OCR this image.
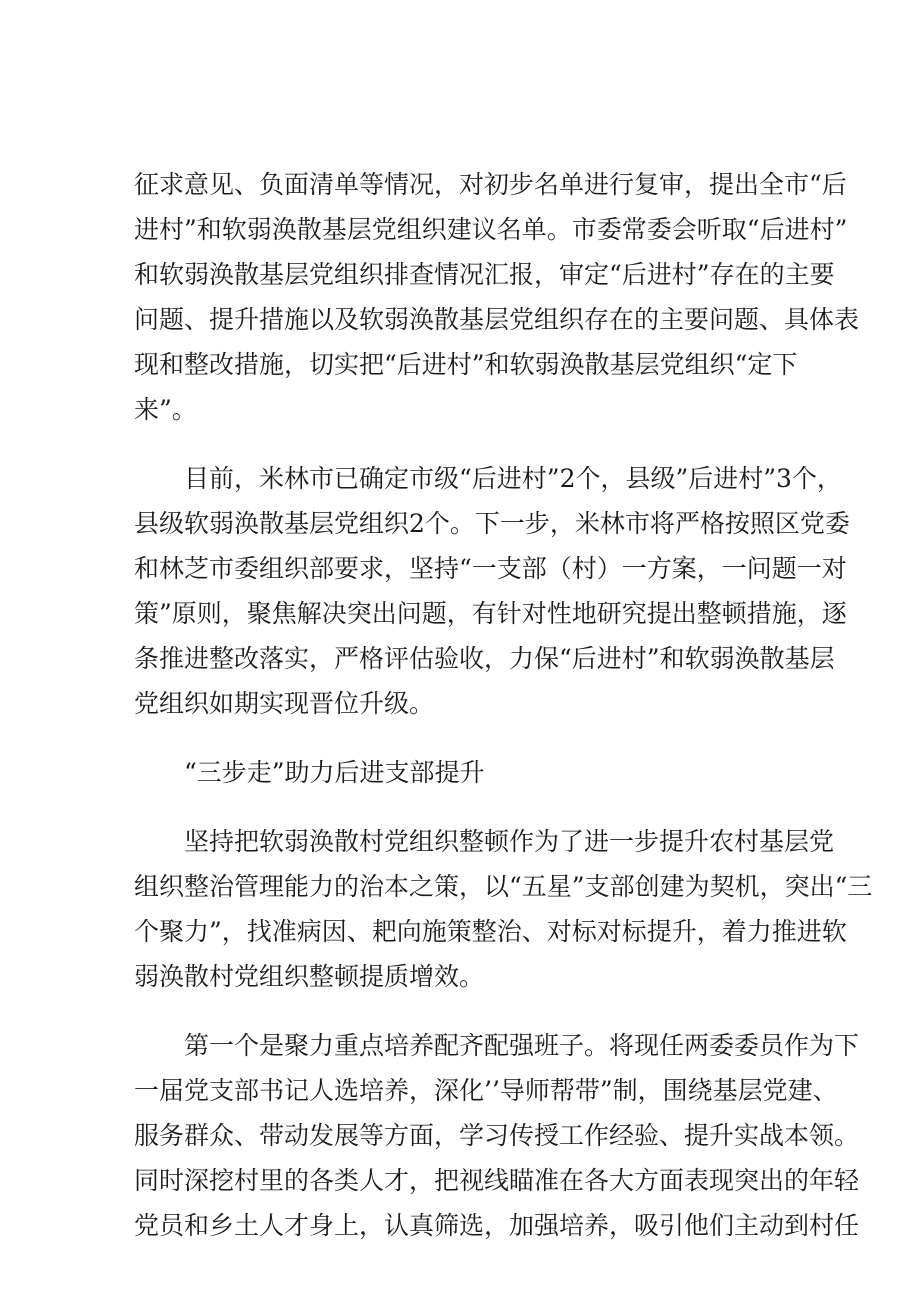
征求意见、负面清单等情况，对初步名单进行复审，提出全市“后
进村”和软弱涣散基层党组织建议名单。市委常委会听取“后进村”
和软弱涣散基层党组织排查情况汇报，审定“后进村”存在的主要
问题、提升措施以及软弱涣散基层党组织存在的主要问题、具体表
现和整改措施，切实把“后进村”和软弱涣散基层党组织“定下
来”。
　　目前，米林市已确定市级“后进村”2个，县级”后进村”3个，
县级软弱涣散基层党组织2个。下一步，米林市将严格按照区党委
和林芝市委组织部要求，坚持“一支部（村）一方案，一问题一对
策”原则，聚焦解决突出问题，有针对性地研究提出整顿措施，逐
条推进整改落实，严格评估验收，力保“后进村”和软弱涣散基层
党组织如期实现晋位升级。
　　“三步走”助力后进支部提升
　　坚持把软弱涣散村党组织整顿作为了进一步提升农村基层党
组织整治管理能力的治本之策，以“五星”支部创建为契机，突出“三
个聚力”，找准病因、耙向施策整治、对标对标提升，着力推进软
弱涣散村党组织整顿提质增效。
　　第一个是聚力重点培养配齐配强班子。将现任两委委员作为下
一届党支部书记人选培养，深化’’导师帮带”制，围绕基层党建、
服务群众、带动发展等方面，学习传授工作经验、提升实战本领。
同时深挖村里的各类人才，把视线瞄准在各大方面表现突出的年轻
党员和乡土人才身上，认真筛选，加强培养，吸引他们主动到村任
